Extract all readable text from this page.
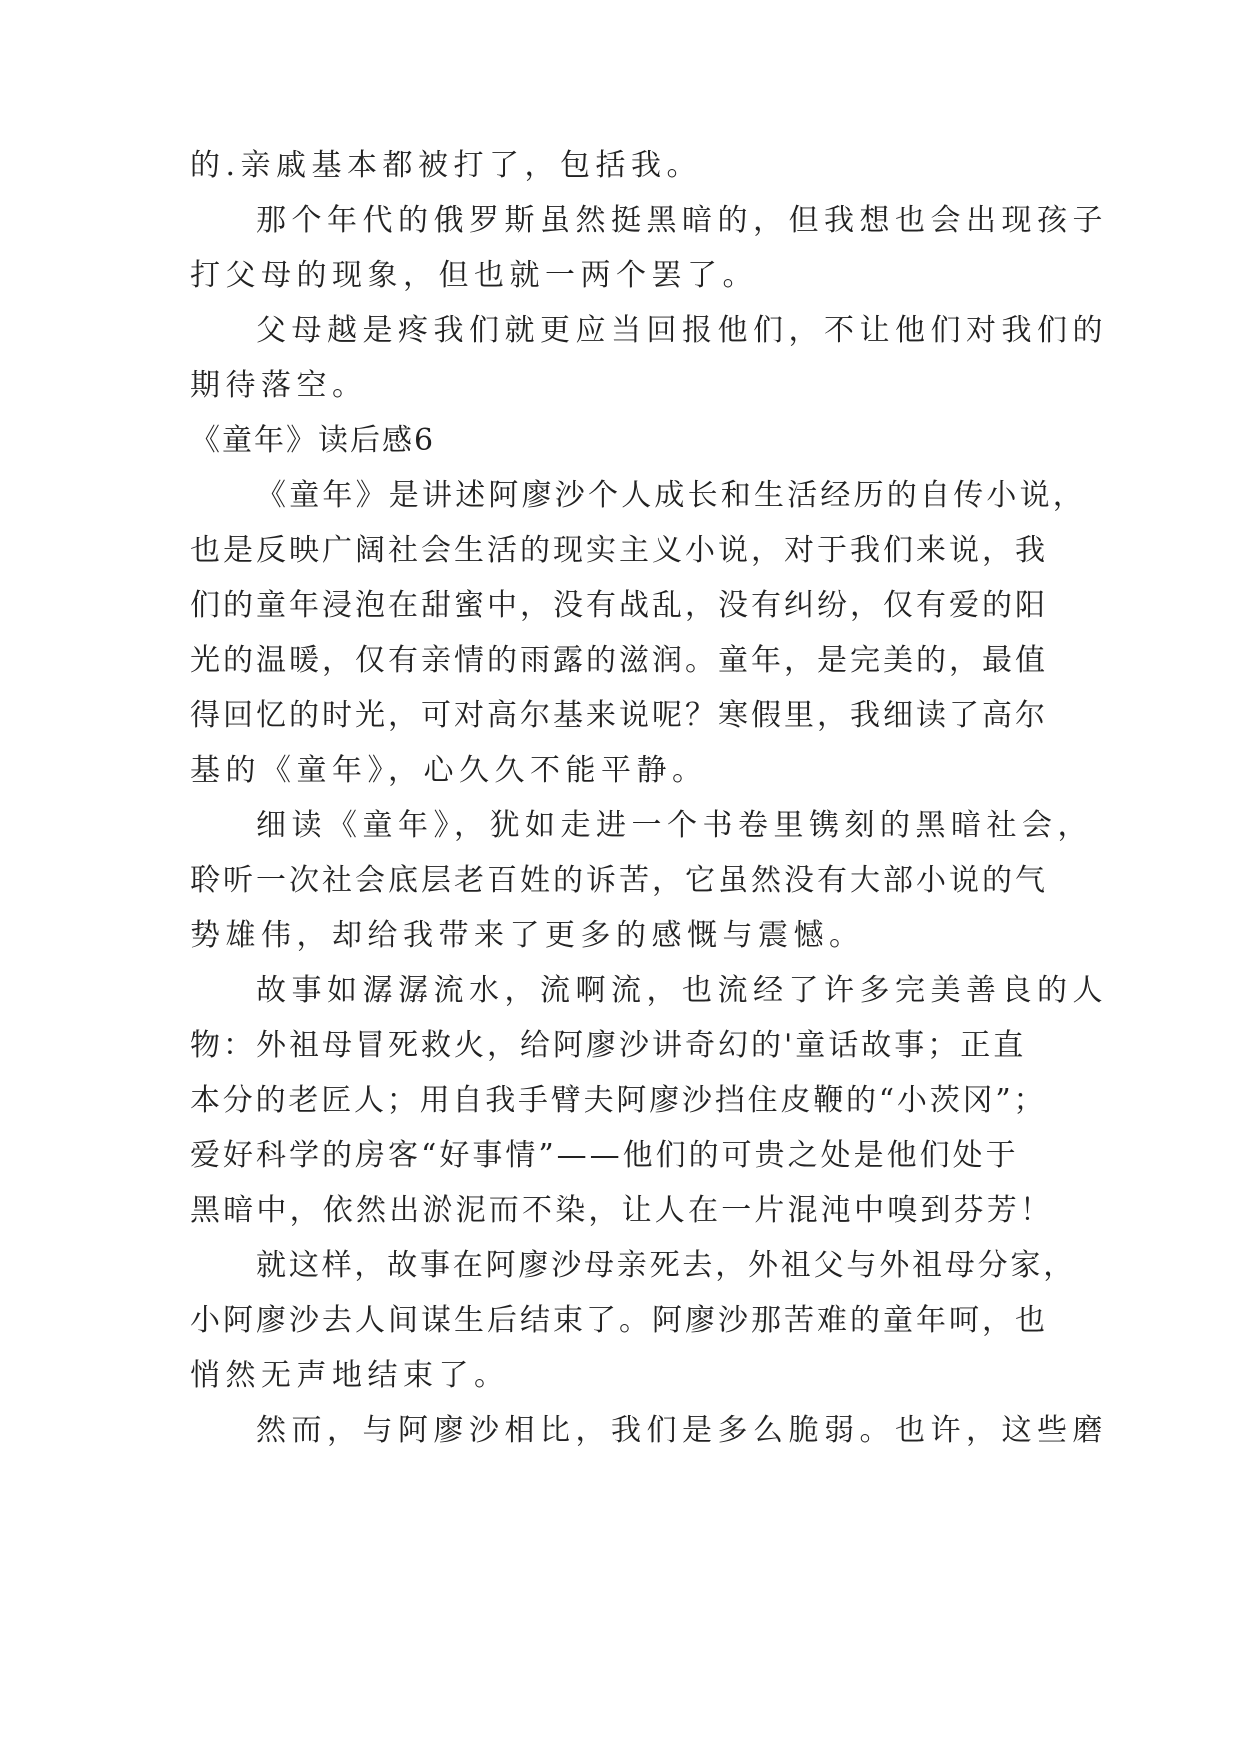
的.亲戚基本都被打了，包括我。
那个年代的俄罗斯虽然挺黑暗的，但我想也会出现孩子
打父母的现象，但也就一两个罢了。
父母越是疼我们就更应当回报他们，不让他们对我们的
期待落空。
《童年》读后感6
《童年》是讲述阿廖沙个人成长和生活经历的自传小说，
也是反映广阔社会生活的现实主义小说，对于我们来说，我
们的童年浸泡在甜蜜中，没有战乱，没有纠纷，仅有爱的阳
光的温暖，仅有亲情的雨露的滋润。童年，是完美的，最值
得回忆的时光，可对高尔基来说呢？寒假里，我细读了高尔
基的《童年》，心久久不能平静。
细读《童年》，犹如走进一个书卷里镌刻的黑暗社会，
聆听一次社会底层老百姓的诉苦，它虽然没有大部小说的气
势雄伟，却给我带来了更多的感慨与震憾。
故事如潺潺流水，流啊流，也流经了许多完美善良的人
物：外祖母冒死救火，给阿廖沙讲奇幻的'童话故事；正直
本分的老匠人；用自我手臂夫阿廖沙挡住皮鞭的“小茨冈”；
爱好科学的房客“好事情”——他们的可贵之处是他们处于
黑暗中，依然出淤泥而不染，让人在一片混沌中嗅到芬芳！
就这样，故事在阿廖沙母亲死去，外祖父与外祖母分家，
小阿廖沙去人间谋生后结束了。阿廖沙那苦难的童年呵，也
悄然无声地结束了。
然而，与阿廖沙相比，我们是多么脆弱。也许，这些磨
